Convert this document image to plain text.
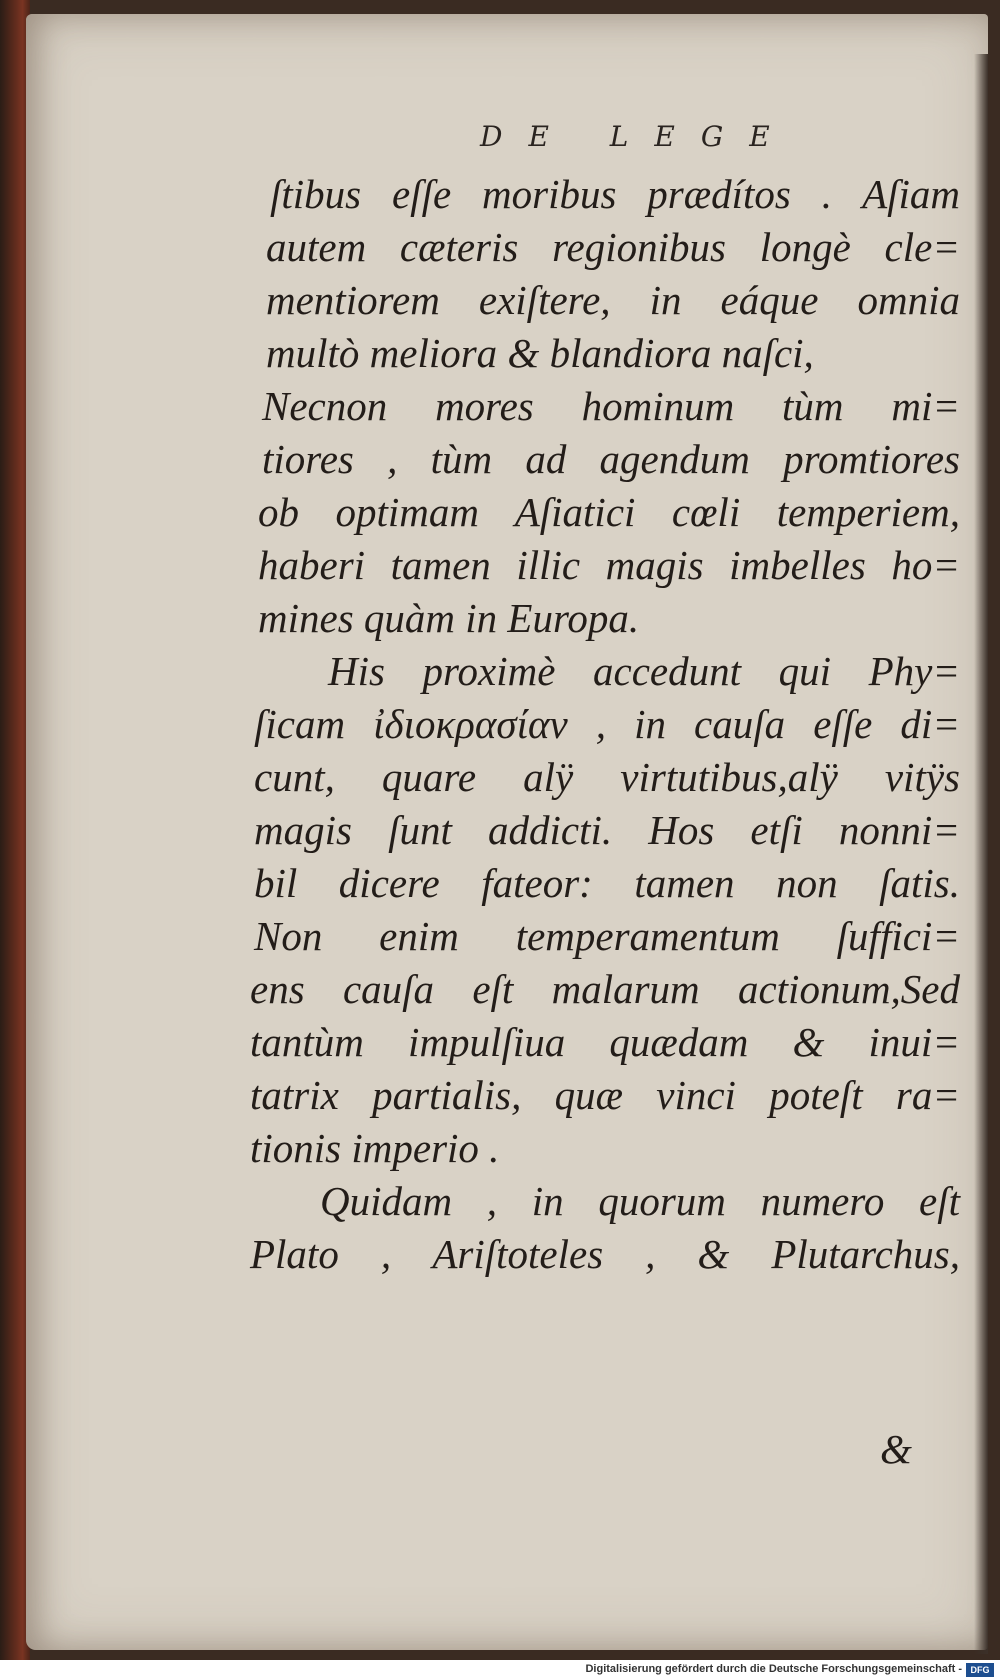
DE LEGE
ſtibus eſſe moribus prædítos . Aſiam
autem cæteris regionibus longè cle=
mentiorem exiſtere, in eáque omnia
multò meliora & blandiora naſci,
Necnon mores hominum tùm mi=
tiores , tùm ad agendum promtiores
ob optimam Aſiatici cœli temperiem,
haberi tamen illic magis imbelles ho=
mines quàm in Europa.
His proximè accedunt qui Phy=
ſicam ἰδιοκρασίαν , in cauſa eſſe di=
cunt, quare alÿ virtutibus,alÿ vitÿs
magis ſunt addicti. Hos etſi nonni=
bil dicere fateor: tamen non ſatis.
Non enim temperamentum ſuffici=
ens cauſa eſt malarum actionum,Sed
tantùm impulſiua quædam & inui=
tatrix partialis, quæ vinci poteſt ra=
tionis imperio .
Quidam , in quorum numero eſt
Plato , Ariſtoteles , & Plutarchus,
&
Digitalisierung gefördert durch die Deutsche Forschungsgemeinschaft - DFG
